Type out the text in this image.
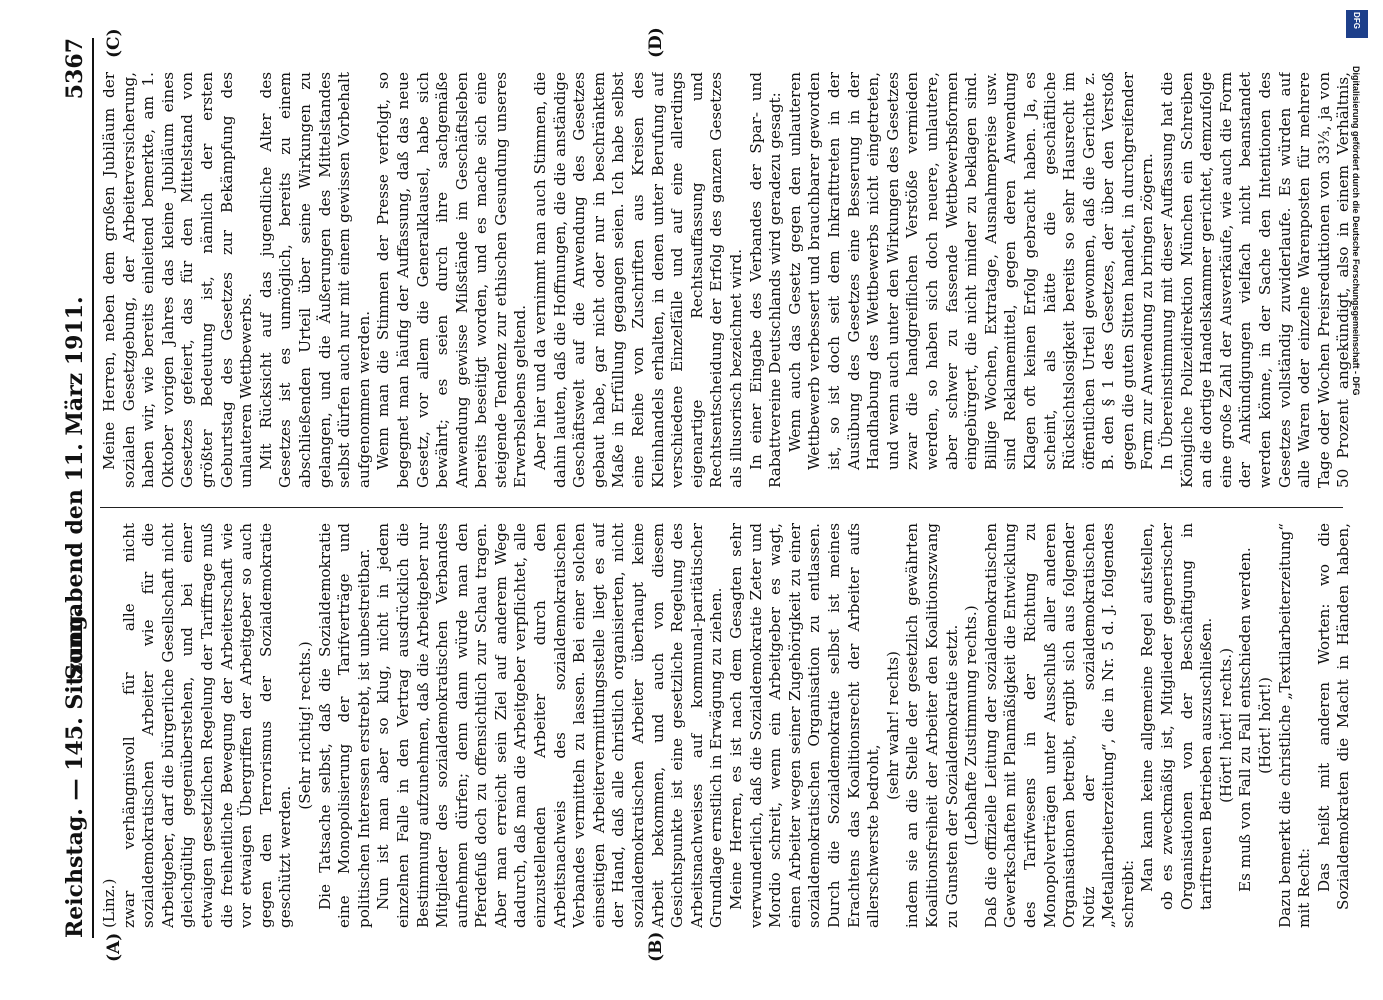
Reichstag. — 145. Sitzung.
Sonnabend den 11. März 1911.
5367
(A)	(B)
(C)	(D)

(Linz.) zwar verhängnisvoll für alle nicht sozialdemokratischen Arbeiter wie für die Arbeitgeber, darf die bürgerliche Gesellschaft nicht gleichgültig gegenüberstehen, und bei einer etwaigen gesetzlichen Regelung der Tariffrage muß die freiheitliche Bewegung der Arbeiterschaft wie vor etwaigen Übergriffen der Arbeitgeber so auch gegen den Terrorismus der Sozialdemokratie geschützt werden.

(Sehr richtig! rechts.) Die Tatsache selbst, daß die Sozialdemokratie eine Monopolisierung der Tarifverträge und politischen Interessen erstrebt, ist unbestreitbar. Nun ist man aber so klug, nicht in jedem einzelnen Falle in den Vertrag ausdrücklich die Bestimmung aufzunehmen, daß die Arbeitgeber nur Mitglieder des sozialdemokratischen Verbandes aufnehmen dürfen; denn dann würde man den Pferdefuß doch zu offensichtlich zur Schau tragen. Aber man erreicht sein Ziel auf anderem Wege dadurch, daß man die Arbeitgeber verpflichtet, alle einzustellenden Arbeiter durch den Arbeitsnachweis des sozialdemokratischen Verbandes vermitteln zu lassen. Bei einer solchen einseitigen Arbeitervermittlungsstelle liegt es auf der Hand, daß alle christlich organisierten, nicht sozialdemokratischen Arbeiter überhaupt keine Arbeit bekommen, und auch von diesem Gesichtspunkte ist eine gesetzliche Regelung des Arbeitsnachweises auf kommunal-paritätischer Grundlage ernstlich in Erwägung zu ziehen. Meine Herren, es ist nach dem Gesagten sehr verwunderlich, daß die Sozialdemokratie Zeter und Mordio schreit, wenn ein Arbeitgeber es wagt, einen Arbeiter wegen seiner Zugehörigkeit zu einer sozialdemokratischen Organisation zu entlassen. Durch die Sozialdemokratie selbst ist meines Erachtens das Koalitionsrecht der Arbeiter aufs allerschwerste bedroht,

(sehr wahr! rechts) indem sie an die Stelle der gesetzlich gewährten Koalitionsfreiheit der Arbeiter den Koalitionszwang zu Gunsten der Sozialdemokratie setzt. (Lebhafte Zustimmung rechts.) Daß die offizielle Leitung der sozialdemokratischen Gewerkschaften mit Planmäßigkeit die Entwicklung des Tarifwesens in der Richtung zu Monopolverträgen unter Ausschluß aller anderen Organisationen betreibt, ergibt sich aus folgender Notiz der sozialdemokratischen „Metallarbeiterzeitung“, die in Nr. 5 d. J. folgendes schreibt:

Man kann keine allgemeine Regel aufstellen, ob es zweckmäßig ist, Mitglieder gegnerischer Organisationen von der Beschäftigung in tariftreuen Betrieben auszuschließen. (Hört! hört! rechts.) Es muß von Fall zu Fall entschieden werden. (Hört! hört!) Dazu bemerkt die christliche „Textilarbeiterzeitung“ mit Recht: Das heißt mit anderen Worten: wo die Sozialdemokraten die Macht in Händen haben,

Meine Herren, neben dem großen Jubiläum der sozialen Gesetzgebung, der Arbeiterversicherung, haben wir, wie bereits einleitend bemerkte, am 1. Oktober vorigen Jahres das kleine Jubiläum eines Gesetzes gefeiert, das für den Mittelstand von größter Bedeutung ist, nämlich der ersten Geburtstag des Gesetzes zur Bekämpfung des unlauteren Wettbewerbs. Mit Rücksicht auf das jugendliche Alter des Gesetzes ist es unmöglich, bereits zu einem abschließenden Urteil über seine Wirkungen zu gelangen, und die Äußerungen des Mittelstandes selbst dürfen auch nur mit einem gewissen Vorbehalt aufgenommen werden. Wenn man die Stimmen der Presse verfolgt, so begegnet man häufig der Auffassung, daß das neue Gesetz, vor allem die Generalklausel, habe sich bewährt; es seien durch ihre sachgemäße Anwendung gewisse Mißstände im Geschäftsleben bereits beseitigt worden, und es mache sich eine steigende Tendenz zur ethischen Gesundung unseres Erwerbslebens geltend. Aber hier und da vernimmt man auch Stimmen, die dahin lauten, daß die Hoffnungen, die die anständige Geschäftswelt auf die Anwendung des Gesetzes gebaut habe, gar nicht oder nur in beschränktem Maße in Erfüllung gegangen seien. Ich habe selbst eine Reihe von Zuschriften aus Kreisen des Kleinhandels erhalten, in denen unter Berufung auf verschiedene Einzelfälle und auf eine allerdings eigenartige Rechtsauffassung und Rechtsentscheidung der Erfolg des ganzen Gesetzes als illusorisch bezeichnet wird. In einer Eingabe des Verbandes der Spar- und Rabattvereine Deutschlands wird geradezu gesagt: Wenn auch das Gesetz gegen den unlauteren Wettbewerb verbessert und brauchbarer geworden ist, so ist doch seit dem Inkrafttreten in der Ausübung des Gesetzes eine Besserung in der Handhabung des Wettbewerbs nicht eingetreten, und wenn auch unter den Wirkungen des Gesetzes zwar die handgreiflichen Verstöße vermieden werden, so haben sich doch neuere, unlautere, aber schwer zu fassende Wettbewerbsformen eingebürgert, die nicht minder zu beklagen sind. Billige Wochen, Extratage, Ausnahmepreise usw. sind Reklamemittel, gegen deren Anwendung Klagen oft keinen Erfolg gebracht haben. Ja, es scheint, als hätte die geschäftliche Rücksichtslosigkeit bereits so sehr Hausrecht im öffentlichen Urteil gewonnen, daß die Gerichte z. B. den § 1 des Gesetzes, der über den Verstoß gegen die guten Sitten handelt, in durchgreifender Form zur Anwendung zu bringen zögern. In Übereinstimmung mit dieser Auffassung hat die Königliche Polizeidirektion München ein Schreiben an die dortige Handelskammer gerichtet, demzufolge eine große Zahl der Ausverkäufe, wie auch die Form der Ankündigungen vielfach nicht beanstandet werden könne, in der Sache den Intentionen des Gesetzes vollständig zuwiderlaufe. Es würden auf alle Waren oder einzelne Warenposten für mehrere Tage oder Wochen Preisreduktionen von 33⅓, ja von 50 Prozent angekündigt, also in einem Verhältnis,

DFG
Digitalisierung gefördert durch die Deutsche Forschungsgemeinschaft - DFG
